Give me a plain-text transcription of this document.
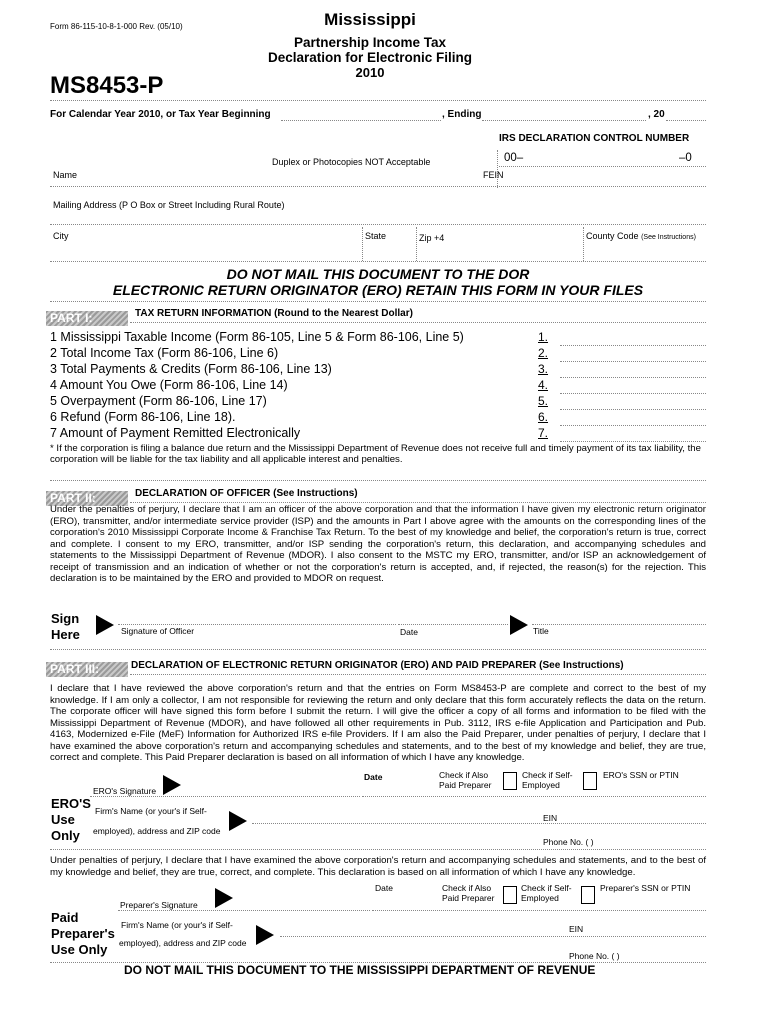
Form 86-115-10-8-1-000 Rev. (05/10)	Mississippi
Partnership Income Tax
Declaration for Electronic Filing
2010
MS8453-P
For Calendar Year 2010, or Tax Year Beginning	, Ending	, 20
IRS DECLARATION CONTROL NUMBER
Duplex or Photocopies NOT Acceptable	00–	–0
Name	FEIN
Mailing Address (P O Box or Street Including Rural Route)
City	State	Zip +4	County Code (See Instructions)
DO NOT MAIL THIS DOCUMENT TO THE DOR
ELECTRONIC RETURN ORIGINATOR (ERO) RETAIN THIS FORM IN YOUR FILES
PART I:	TAX RETURN INFORMATION (Round to the Nearest Dollar)
1 Mississippi Taxable Income (Form 86-105, Line 5 & Form 86-106, Line 5)	1.
2 Total Income Tax (Form 86-106, Line 6)	2.
3 Total Payments & Credits (Form 86-106, Line 13)	3.
4 Amount You Owe (Form 86-106, Line 14)	4.
5 Overpayment (Form 86-106, Line 17)	5.
6 Refund (Form 86-106, Line 18).	6.
7 Amount of Payment Remitted Electronically	7.
* If the corporation is filing a balance due return and the Mississippi Department of Revenue does not receive full and timely payment of its tax liability, the corporation will be liable for the tax liability and all applicable interest and penalties.
PART II:	DECLARATION OF OFFICER (See Instructions)
Under the penalties of perjury, I declare that I am an officer of the above corporation and that the information I have given my electronic return originator (ERO), transmitter, and/or intermediate service provider (ISP) and the amounts in Part I above agree with the amounts on the corresponding lines of the corporation's 2010 Mississippi Corporate Income & Franchise Tax Return. To the best of my knowledge and belief, the corporation's return is true, correct and complete. I consent to my ERO, transmitter, and/or ISP sending the corporation's return, this declaration, and accompanying schedules and statements to the Mississippi Department of Revenue (MDOR). I also consent to the MSTC my ERO, transmitter, and/or ISP an acknowledgement of receipt of transmission and an indication of whether or not the corporation's return is accepted, and, if rejected, the reason(s) for the rejection. This declaration is to be maintained by the ERO and provided to MDOR on request.
Sign
Here	Signature of Officer	Date	Title
PART III:	DECLARATION OF ELECTRONIC RETURN ORIGINATOR (ERO) AND PAID PREPARER (See Instructions)
I declare that I have reviewed the above corporation's return and that the entries on Form MS8453-P are complete and correct to the best of my knowledge. If I am only a collector, I am not responsible for reviewing the return and only declare that this form accurately reflects the data on the return. The corporate officer will have signed this form before I submit the return. I will give the officer a copy of all forms and information to be filed with the Mississippi Department of Revenue (MDOR), and have followed all other requirements in Pub. 3112, IRS e-file Application and Participation and Pub. 4163, Modernized e-File (MeF) Information for Authorized IRS e-file Providers. If I am also the Paid Preparer, under penalties of perjury, I declare that I have examined the above corporation's return and accompanying schedules and statements, and to the best of my knowledge and belief, they are true, correct and complete. This Paid Preparer declaration is based on all information of which I have any knowledge.
Date	Check if Also
Paid Preparer
Check if Self-
Employed
ERO's SSN or PTIN
ERO's Signature
ERO'S
Use
Only
Firm's Name (or your's if Self-
employed), address and ZIP code
EIN
Phone No. ( )
Under penalties of perjury, I declare that I have examined the above corporation's return and accompanying schedules and statements, and to the best of my knowledge and belief, they are true, correct, and complete. This declaration is based on all information of which I have any knowledge.
Date	Check if Also
Paid Preparer
Check if Self-
Employed
Preparer's SSN or PTIN
Preparer's Signature
Paid
Preparer's
Use Only
Firm's Name (or your's if Self-
employed), address and ZIP code
EIN
Phone No. ( )
DO NOT MAIL THIS DOCUMENT TO THE MISSISSIPPI DEPARTMENT OF REVENUE
